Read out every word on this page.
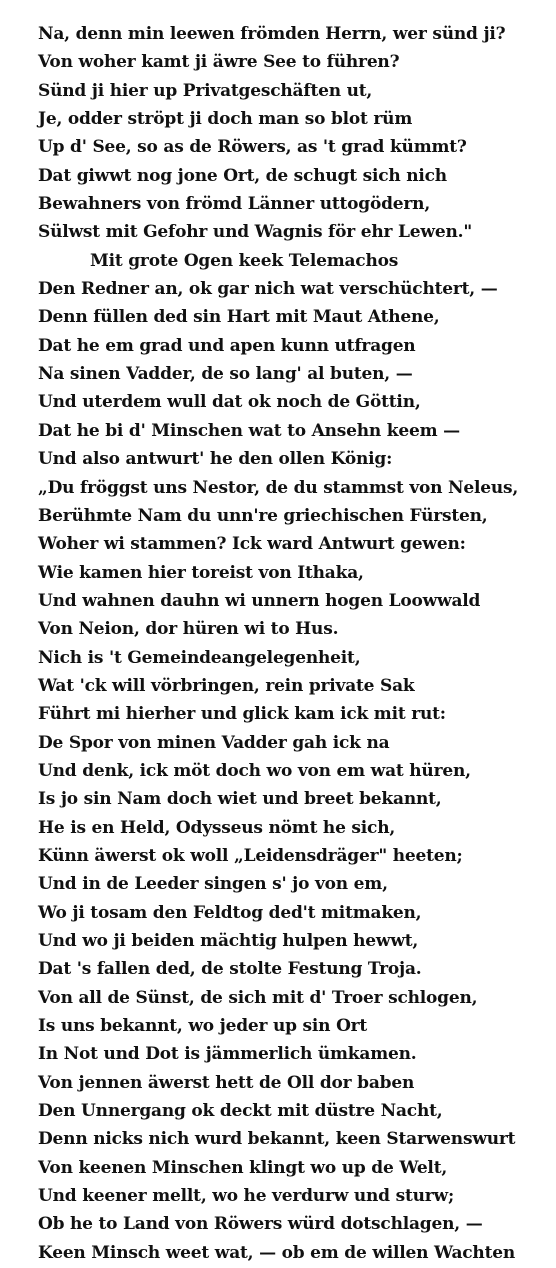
Na, denn min leewen frömden Herrn, wer sünd ji?
Von woher kamt ji äwre See to führen?
Sünd ji hier up Privatgeschäften ut,
Je, odder ströpt ji doch man so blot rüm
Up d' See, so as de Röwers, as 't grad kümmt?
Dat giwwt nog jone Ort, de schugt sich nich
Bewahners von frömd Länner uttogödern,
Sülwst mit Gefohr und Wagnis för ehr Lewen."
Mit grote Ogen keek Telemachos
Den Redner an, ok gar nich wat verschüchtert, —
Denn füllen ded sin Hart mit Maut Athene,
Dat he em grad und apen kunn utfragen
Na sinen Vadder, de so lang' al buten, —
Und uterdem wull dat ok noch de Göttin,
Dat he bi d' Minschen wat to Ansehn keem —
Und also antwurt' he den ollen König:
„Du fröggst uns Nestor, de du stammst von Neleus,
Berühmte Nam du unn're griechischen Fürsten,
Woher wi stammen? Ick ward Antwurt gewen:
Wie kamen hier toreist von Ithaka,
Und wahnen dauhn wi unnern hogen Loowwald
Von Neion, dor hüren wi to Hus.
Nich is 't Gemeindeangelegenheit,
Wat 'ck will vörbringen, rein private Sak
Führt mi hierher und glick kam ick mit rut:
De Spor von minen Vadder gah ick na
Und denk, ick möt doch wo von em wat hüren,
Is jo sin Nam doch wiet und breet bekannt,
He is en Held, Odysseus nömt he sich,
Künn äwerst ok woll „Leidensdräger" heeten;
Und in de Leeder singen s' jo von em,
Wo ji tosam den Feldtog ded't mitmaken,
Und wo ji beiden mächtig hulpen hewwt,
Dat 's fallen ded, de stolte Festung Troja.
Von all de Sünst, de sich mit d' Troer schlogen,
Is uns bekannt, wo jeder up sin Ort
In Not und Dot is jämmerlich ümkamen.
Von jennen äwerst hett de Oll dor baben
Den Unnergang ok deckt mit düstre Nacht,
Denn nicks nich wurd bekannt, keen Starwenswurt
Von keenen Minschen klingt wo up de Welt,
Und keener mellt, wo he verdurw und sturw;
Ob he to Land von Röwers würd dotschlagen, —
Keen Minsch weet wat, — ob em de willen Wachten
